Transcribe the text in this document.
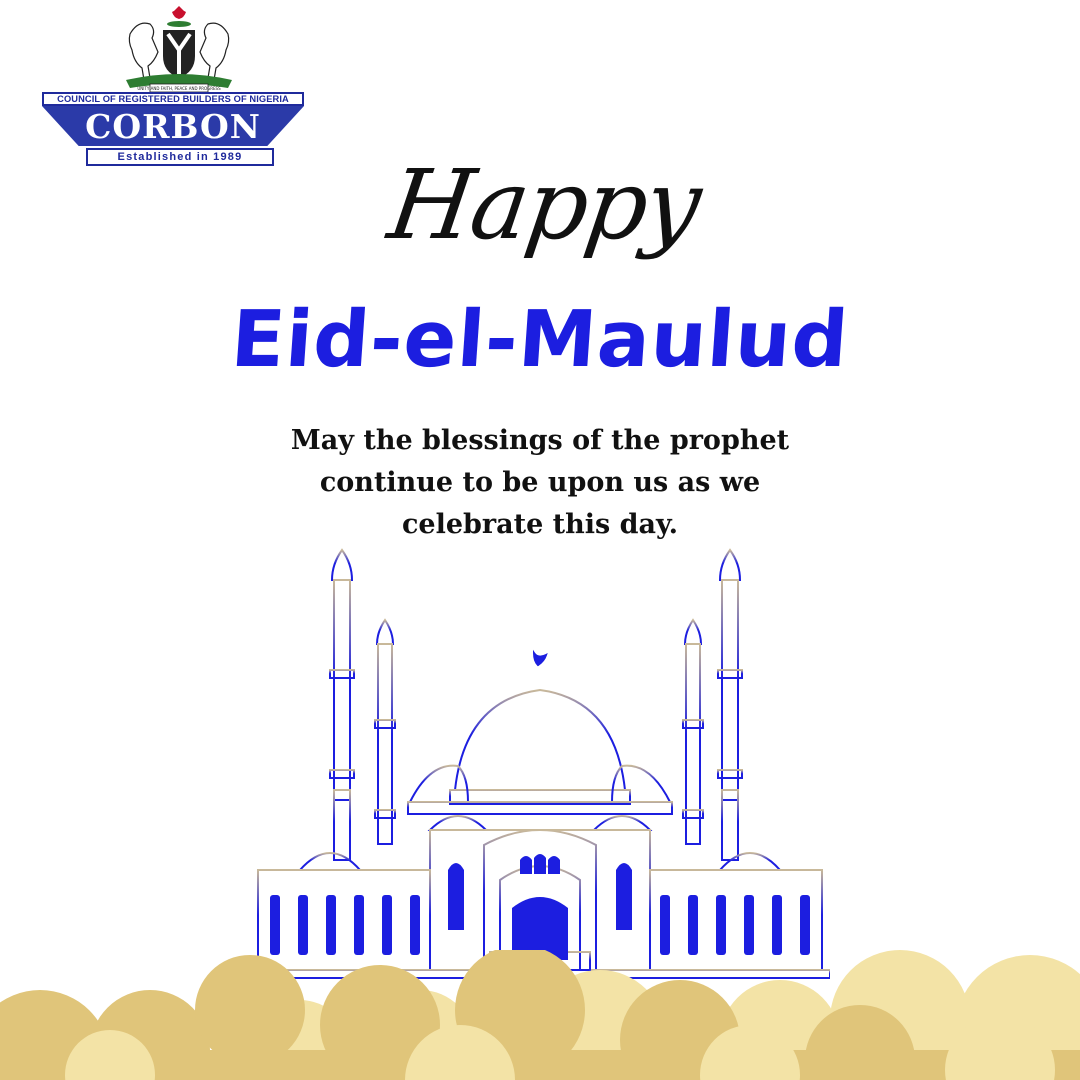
UNITY AND FAITH, PEACE AND PROGRESS
COUNCIL OF REGISTERED BUILDERS OF NIGERIA
CORBON
Established in 1989	Happy
Eid-el-Maulud
May the blessings of the prophet
continue to be upon us as we
celebrate this day.
